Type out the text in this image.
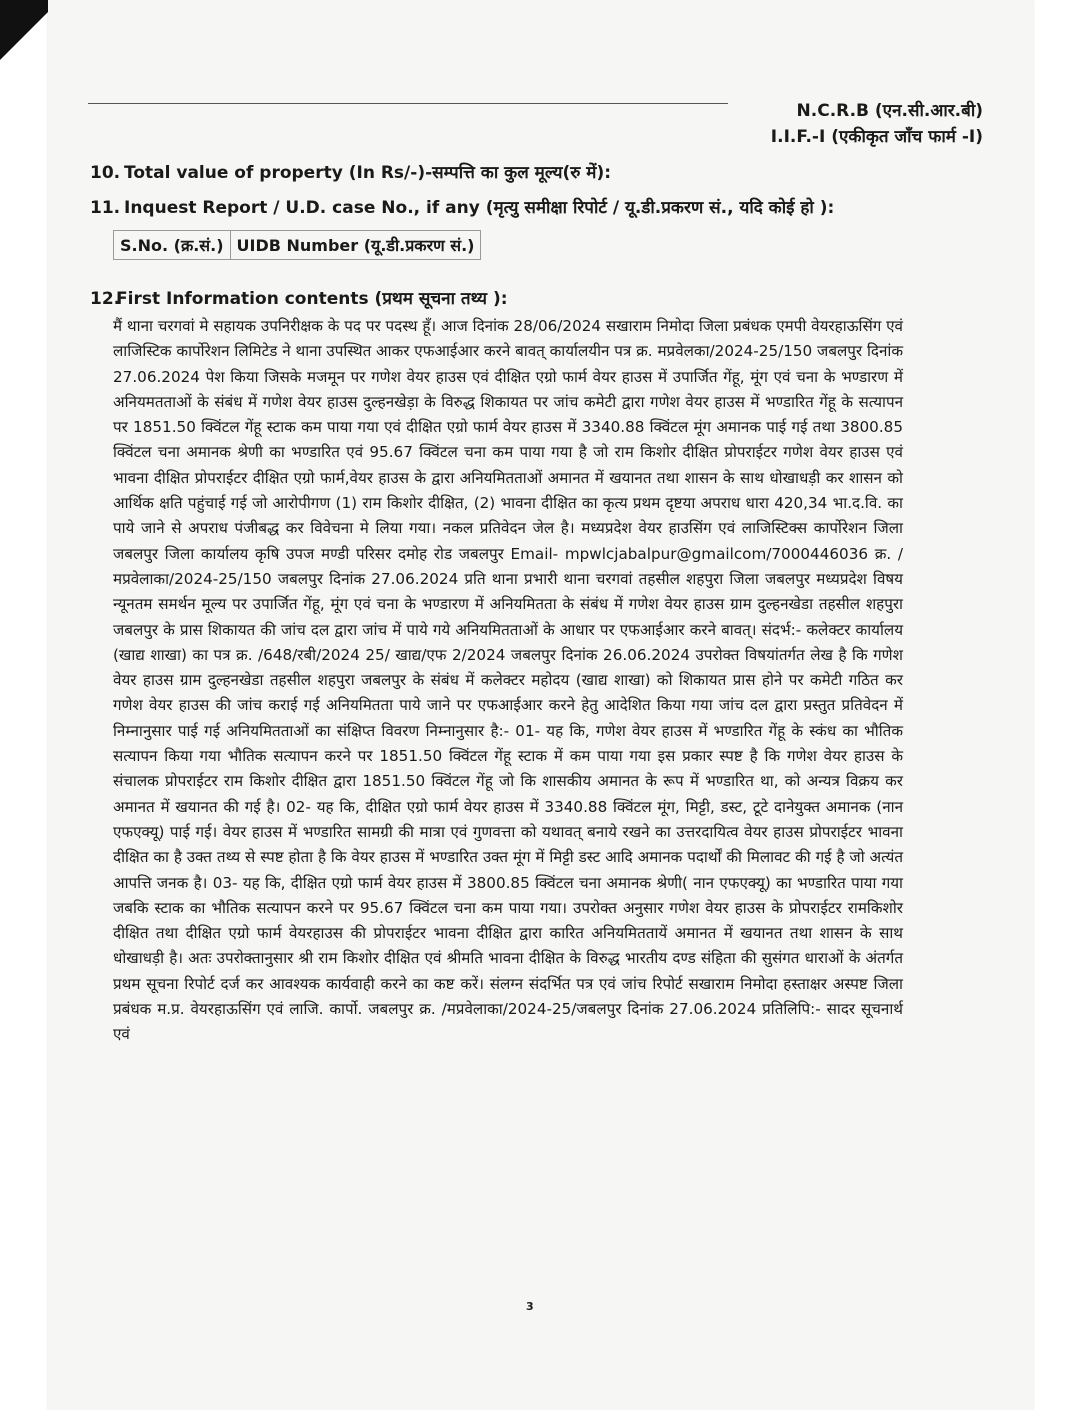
N.C.R.B (एन.सी.आर.बी)
I.I.F.-I (एकीकृत जाँच फार्म -I)
10. Total value of property (In Rs/-)-सम्पत्ति का कुल मूल्य(रु में):
11. Inquest Report / U.D. case No., if any (मृत्यु समीक्षा रिपोर्ट / यू.डी.प्रकरण सं., यदि कोई हो ):
S.No. (क्र.सं.)	UIDB Number (यू.डी.प्रकरण सं.)
12.First Information contents (प्रथम सूचना तथ्य ):
मैं थाना चरगवां मे सहायक उपनिरीक्षक के पद पर पदस्थ हूँ। आज दिनांक 28/06/2024 सखाराम निमोदा जिला प्रबंधक एमपी वेयरहाऊसिंग एवं लाजिस्टिक कार्पोरेशन लिमिटेड ने थाना उपस्थित आकर एफआईआर करने बावत् कार्यालयीन पत्र क्र. मप्रवेलका/2024-25/150 जबलपुर दिनांक 27.06.2024 पेश किया जिसके मजमून पर गणेश वेयर हाउस एवं दीक्षित एग्रो फार्म वेयर हाउस में उपार्जित गेंहू, मूंग एवं चना के भण्डारण में अनियमतताओं के संबंध में गणेश वेयर हाउस दुल्हनखेड़ा के विरुद्ध शिकायत पर जांच कमेटी द्वारा गणेश वेयर हाउस में भण्डारित गेंहू के सत्यापन पर 1851.50 क्विंटल गेंहू स्टाक कम पाया गया एवं दीक्षित एग्रो फार्म वेयर हाउस में 3340.88 क्विंटल मूंग अमानक पाई गई तथा 3800.85 क्विंटल चना अमानक श्रेणी का भण्डारित एवं 95.67 क्विंटल चना कम पाया गया है जो राम किशोर दीक्षित प्रोपराईटर गणेश वेयर हाउस एवं भावना दीक्षित प्रोपराईटर दीक्षित एग्रो फार्म,वेयर हाउस के द्वारा अनियमितताओं अमानत में खयानत तथा शासन के साथ धोखाधड़ी कर शासन को आर्थिक क्षति पहुंचाई गई जो आरोपीगण (1) राम किशोर दीक्षित, (2) भावना दीक्षित का कृत्य प्रथम दृष्टया अपराध धारा 420,34 भा.द.वि. का पाये जाने से अपराध पंजीबद्ध कर विवेचना मे लिया गया। नकल प्रतिवेदन जेल है। मध्यप्रदेश वेयर हाउसिंग एवं लाजिस्टिक्स कार्पोरेशन जिला जबलपुर जिला कार्यालय कृषि उपज मण्डी परिसर दमोह रोड जबलपुर Email- mpwlcjabalpur@gmailcom/7000446036 क्र. / मप्रवेलाका/2024-25/150 जबलपुर दिनांक 27.06.2024 प्रति थाना प्रभारी थाना चरगवां तहसील शहपुरा जिला जबलपुर मध्यप्रदेश विषय न्यूनतम समर्थन मूल्य पर उपार्जित गेंहू, मूंग एवं चना के भण्डारण में अनियमितता के संबंध में गणेश वेयर हाउस ग्राम दुल्हनखेडा तहसील शहपुरा जबलपुर के प्रास शिकायत की जांच दल द्वारा जांच में पाये गये अनियमितताओं के आधार पर एफआईआर करने बावत्। संदर्भ:- कलेक्टर कार्यालय (खाद्य शाखा) का पत्र क्र. /648/रबी/2024 25/ खाद्य/एफ 2/2024 जबलपुर दिनांक 26.06.2024 उपरोक्त विषयांतर्गत लेख है कि गणेश वेयर हाउस ग्राम दुल्हनखेडा तहसील शहपुरा जबलपुर के संबंध में कलेक्टर महोदय (खाद्य शाखा) को शिकायत प्रास होने पर कमेटी गठित कर गणेश वेयर हाउस की जांच कराई गई अनियमितता पाये जाने पर एफआईआर करने हेतु आदेशित किया गया जांच दल द्वारा प्रस्तुत प्रतिवेदन में निम्नानुसार पाई गई अनियमितताओं का संक्षिप्त विवरण निम्नानुसार है:- 01- यह कि, गणेश वेयर हाउस में भण्डारित गेंहू के स्कंध का भौतिक सत्यापन किया गया भौतिक सत्यापन करने पर 1851.50 क्विंटल गेंहू स्टाक में कम पाया गया इस प्रकार स्पष्ट है कि गणेश वेयर हाउस के संचालक प्रोपराईटर राम किशोर दीक्षित द्वारा 1851.50 क्विंटल गेंहू जो कि शासकीय अमानत के रूप में भण्डारित था, को अन्यत्र विक्रय कर अमानत में खयानत की गई है। 02- यह कि, दीक्षित एग्रो फार्म वेयर हाउस में 3340.88 क्विंटल मूंग, मिट्टी, डस्ट, टूटे दानेयुक्त अमानक (नान एफएक्यू) पाई गई। वेयर हाउस में भण्डारित सामग्री की मात्रा एवं गुणवत्ता को यथावत् बनाये रखने का उत्तरदायित्व वेयर हाउस प्रोपराईटर भावना दीक्षित का है उक्त तथ्य से स्पष्ट होता है कि वेयर हाउस में भण्डारित उक्त मूंग में मिट्टी डस्ट आदि अमानक पदार्थों की मिलावट की गई है जो अत्यंत आपत्ति जनक है। 03- यह कि, दीक्षित एग्रो फार्म वेयर हाउस में 3800.85 क्विंटल चना अमानक श्रेणी( नान एफएक्यू) का भण्डारित पाया गया जबकि स्टाक का भौतिक सत्यापन करने पर 95.67 क्विंटल चना कम पाया गया। उपरोक्त अनुसार गणेश वेयर हाउस के प्रोपराईटर रामकिशोर दीक्षित तथा दीक्षित एग्रो फार्म वेयरहाउस की प्रोपराईटर भावना दीक्षित द्वारा कारित अनियमिततायें अमानत में खयानत तथा शासन के साथ धोखाधड़ी है। अतः उपरोक्तानुसार श्री राम किशोर दीक्षित एवं श्रीमति भावना दीक्षित के विरुद्ध भारतीय दण्ड संहिता की सुसंगत धाराओं के अंतर्गत प्रथम सूचना रिपोर्ट दर्ज कर आवश्यक कार्यवाही करने का कष्ट करें। संलग्न संदर्भित पत्र एवं जांच रिपोर्ट सखाराम निमोदा हस्ताक्षर अस्पष्ट जिला प्रबंधक म.प्र. वेयरहाऊसिंग एवं लाजि. कार्पो. जबलपुर क्र. /मप्रवेलाका/2024-25/जबलपुर दिनांक 27.06.2024 प्रतिलिपि:- सादर सूचनार्थ एवं
3
